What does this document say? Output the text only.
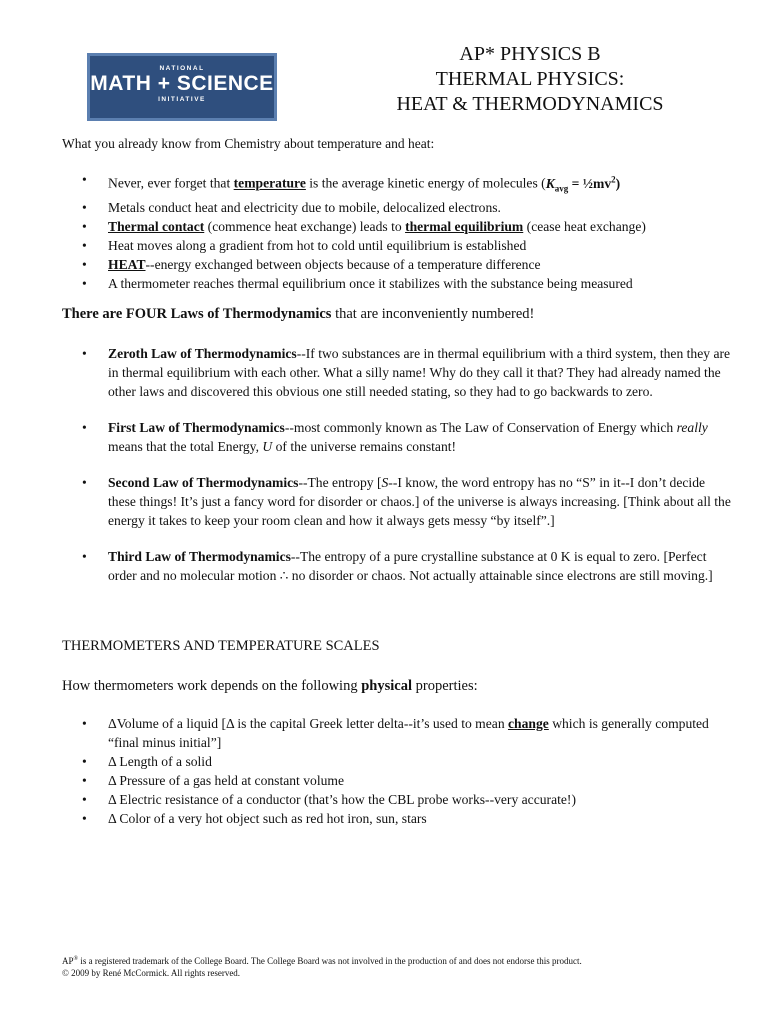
NATIONAL
MATH + SCIENCE
INITIATIVE
AP* PHYSICS B
THERMAL PHYSICS:
HEAT & THERMODYNAMICS
What you already know from Chemistry about temperature and heat:
• Never, ever forget that temperature is the average kinetic energy of molecules ($K_{avg}$ = $\frac{1}{2}mv^2$)
• Metals conduct heat and electricity due to mobile, delocalized electrons.
• Thermal contact (commence heat exchange) leads to thermal equilibrium (cease heat exchange)
• Heat moves along a gradient from hot to cold until equilibrium is established
• HEAT--energy exchanged between objects because of a temperature difference
• A thermometer reaches thermal equilibrium once it stabilizes with the substance being measured
There are FOUR Laws of Thermodynamics that are inconveniently numbered!
• Zeroth Law of Thermodynamics--If two substances are in thermal equilibrium with a third system, then they are in thermal equilibrium with each other. What a silly name! Why do they call it that? They had already named the other laws and discovered this obvious one still needed stating, so they had to go backwards to zero.
• First Law of Thermodynamics--most commonly known as The Law of Conservation of Energy which really means that the total Energy, U of the universe remains constant!
• Second Law of Thermodynamics--The entropy [S--I know, the word entropy has no “S” in it--I don’t decide these things! It’s just a fancy word for disorder or chaos.] of the universe is always increasing. [Think about all the energy it takes to keep your room clean and how it always gets messy “by itself”.]
• Third Law of Thermodynamics--The entropy of a pure crystalline substance at 0 K is equal to zero. [Perfect order and no molecular motion ∴ no disorder or chaos. Not actually attainable since electrons are still moving.]
THERMOMETERS AND TEMPERATURE SCALES
How thermometers work depends on the following physical properties:
• ΔVolume of a liquid [Δ is the capital Greek letter delta--it’s used to mean change which is generally computed “final minus initial”]
• Δ Length of a solid
• Δ Pressure of a gas held at constant volume
• Δ Electric resistance of a conductor (that’s how the CBL probe works--very accurate!)
• Δ Color of a very hot object such as red hot iron, sun, stars
AP® is a registered trademark of the College Board. The College Board was not involved in the production of and does not endorse this product.
© 2009 by René McCormick. All rights reserved.
